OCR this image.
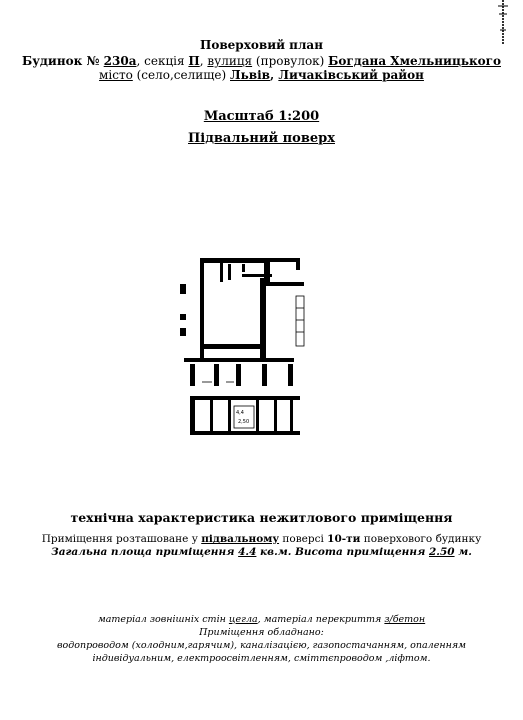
Поверховий план
Будинок № 230а, секція П, вулиця (провулок) Богдана Хмельницького
місто (село,селище) Львів, Личаківський район
Масштаб 1:200
Підвальний поверх
4,4
2,50
технічна характеристика нежитлового приміщення
Приміщення розташоване у підвальному поверсі 10-ти поверхового будинку
Загальна площа приміщення 4.4 кв.м. Висота приміщення 2.50 м.
матеріал зовнішніх стін цегла, матеріал перекриття з/бетон
Приміщення обладнано:
водопроводом (холодним,гарячим), каналізацією, газопостачанням, опаленням
індивідуальним, електроосвітленням, сміттєпроводом ,ліфтом.
